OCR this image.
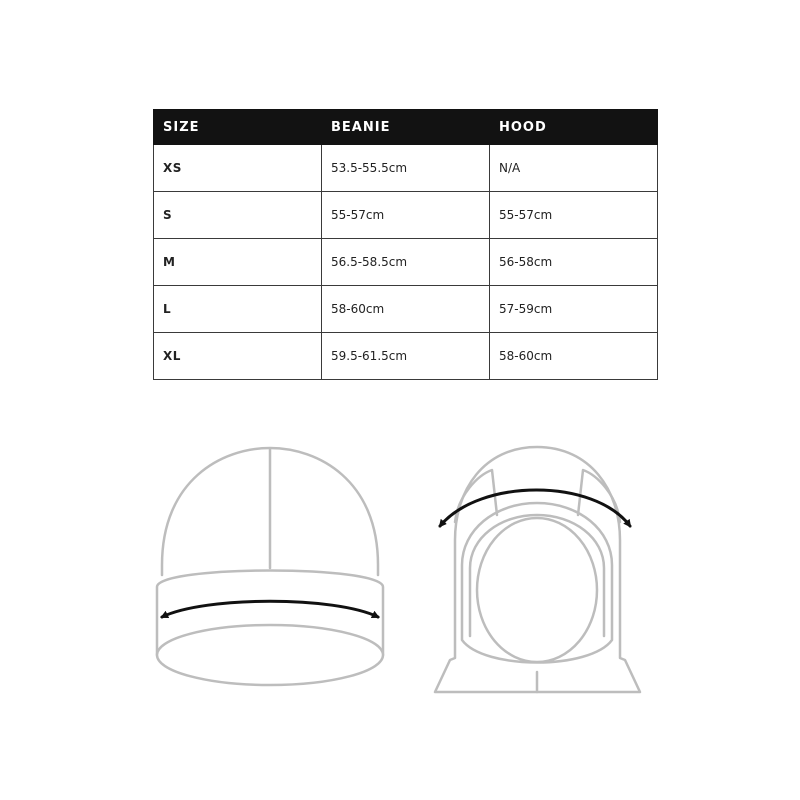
SIZE	BEANIE	HOOD
XS	53.5-55.5cm	N/A
S	55-57cm	55-57cm
M	56.5-58.5cm	56-58cm
L	58-60cm	57-59cm
XL	59.5-61.5cm	58-60cm
